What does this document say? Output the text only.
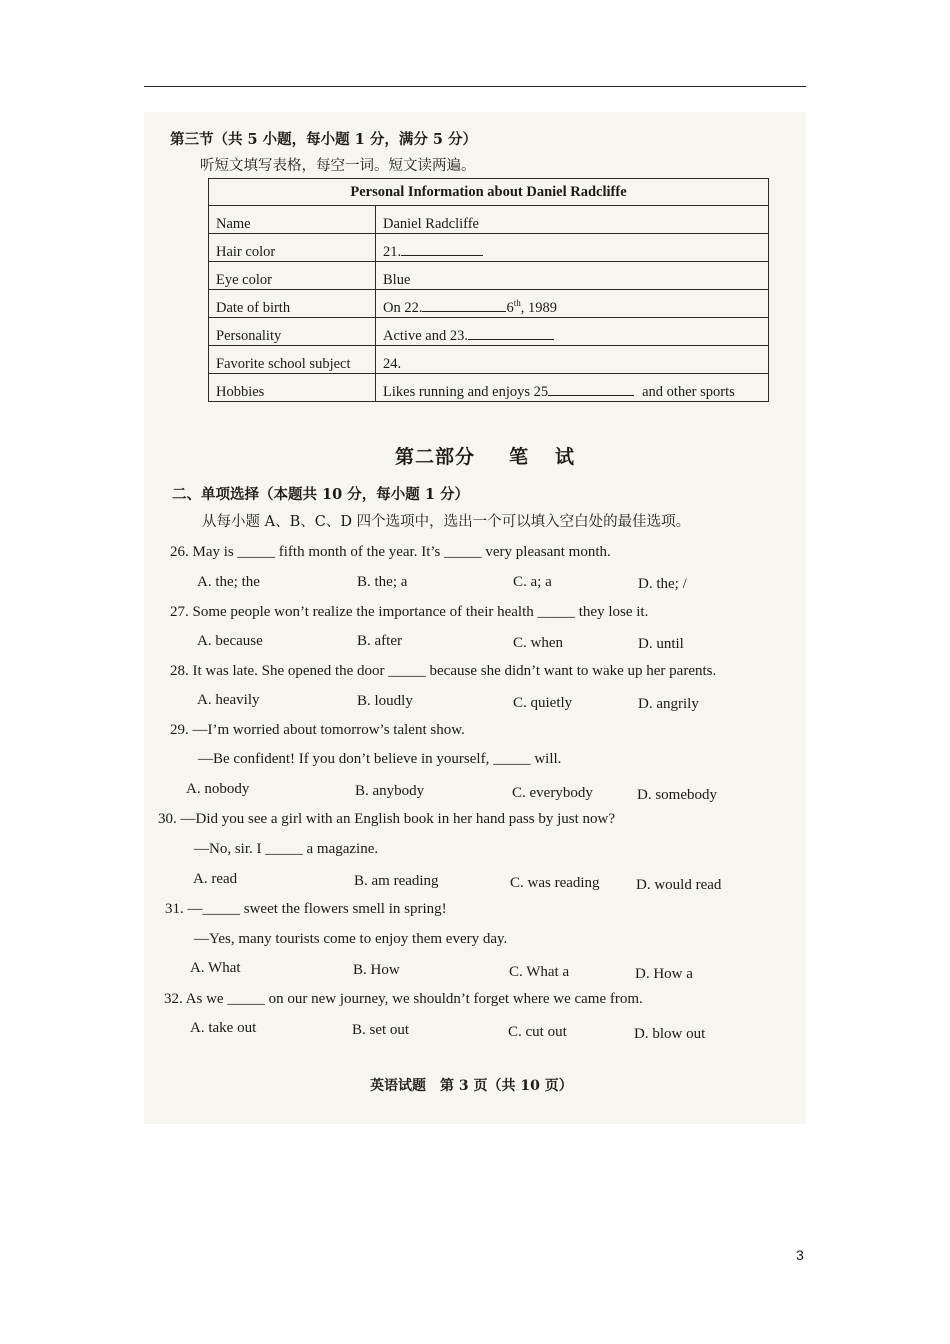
第三节（共 5 小题，每小题 1 分，满分 5 分）
听短文填写表格，每空一词。短文读两遍。
Personal Information about Daniel Radcliffe	
Name	Daniel Radcliffe
Hair color	21.
Eye color	Blue
Date of birth	On 22. 6th, 1989
Personality	Active and 23.
Favorite school subject	24.
Hobbies	Likes running and enjoys 25 and other sports
第二部分 笔 试
二、单项选择（本题共 10 分，每小题 1 分）
从每小题 A、B、C、D 四个选项中，选出一个可以填入空白处的最佳选项。
26. May is _____ fifth month of the year. It’s _____ very pleasant month.
A. the; the	B. the; a	C. a; a	D. the; /
27. Some people won’t realize the importance of their health _____ they lose it.
A. because	B. after	C. when	D. until
28. It was late. She opened the door _____ because she didn’t want to wake up her parents.
A. heavily	B. loudly	C. quietly	D. angrily
29. —I’m worried about tomorrow’s talent show.
—Be confident! If you don’t believe in yourself, _____ will.
A. nobody	B. anybody	C. everybody	D. somebody
30. —Did you see a girl with an English book in her hand pass by just now?
—No, sir. I _____ a magazine.
A. read	B. am reading	C. was reading D. would read
31. —_____ sweet the flowers smell in spring!
—Yes, many tourists come to enjoy them every day.
A. What	B. How	C. What a	D. How a
32. As we _____ on our new journey, we shouldn’t forget where we came from.
A. take out	B. set out	C. cut out	D. blow out
英语试题　第 3 页（共 10 页）
3
